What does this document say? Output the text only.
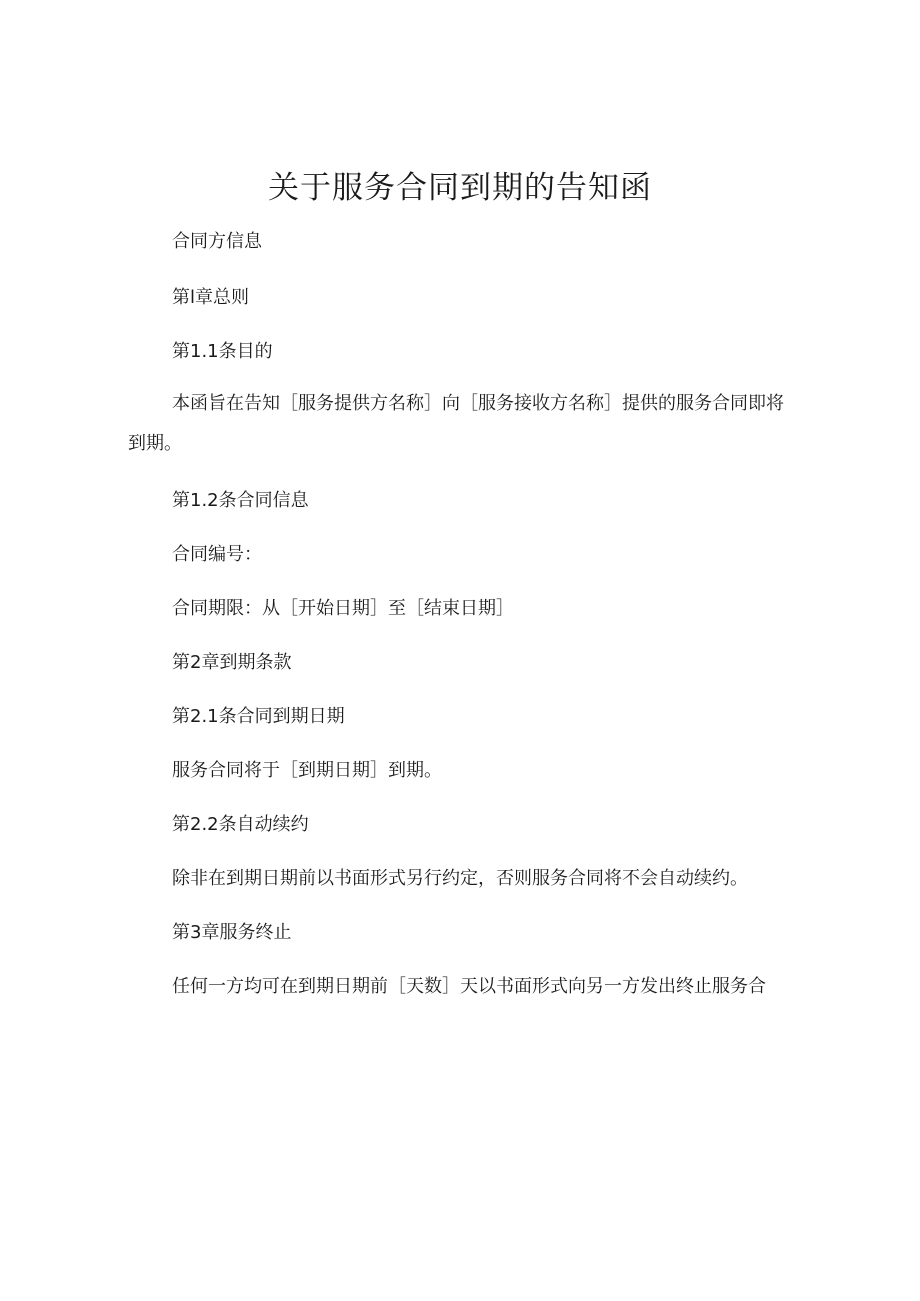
关于服务合同到期的告知函

合同方信息

第l章总则

第1.1条目的

本函旨在告知［服务提供方名称］向［服务接收方名称］提供的服务合同即将到期。

第1.2条合同信息

合同编号：

合同期限：从［开始日期］至［结束日期］

第2章到期条款

第2.1条合同到期日期

服务合同将于［到期日期］到期。

第2.2条自动续约

除非在到期日期前以书面形式另行约定，否则服务合同将不会自动续约。

第3章服务终止

任何一方均可在到期日期前［天数］天以书面形式向另一方发出终止服务合
